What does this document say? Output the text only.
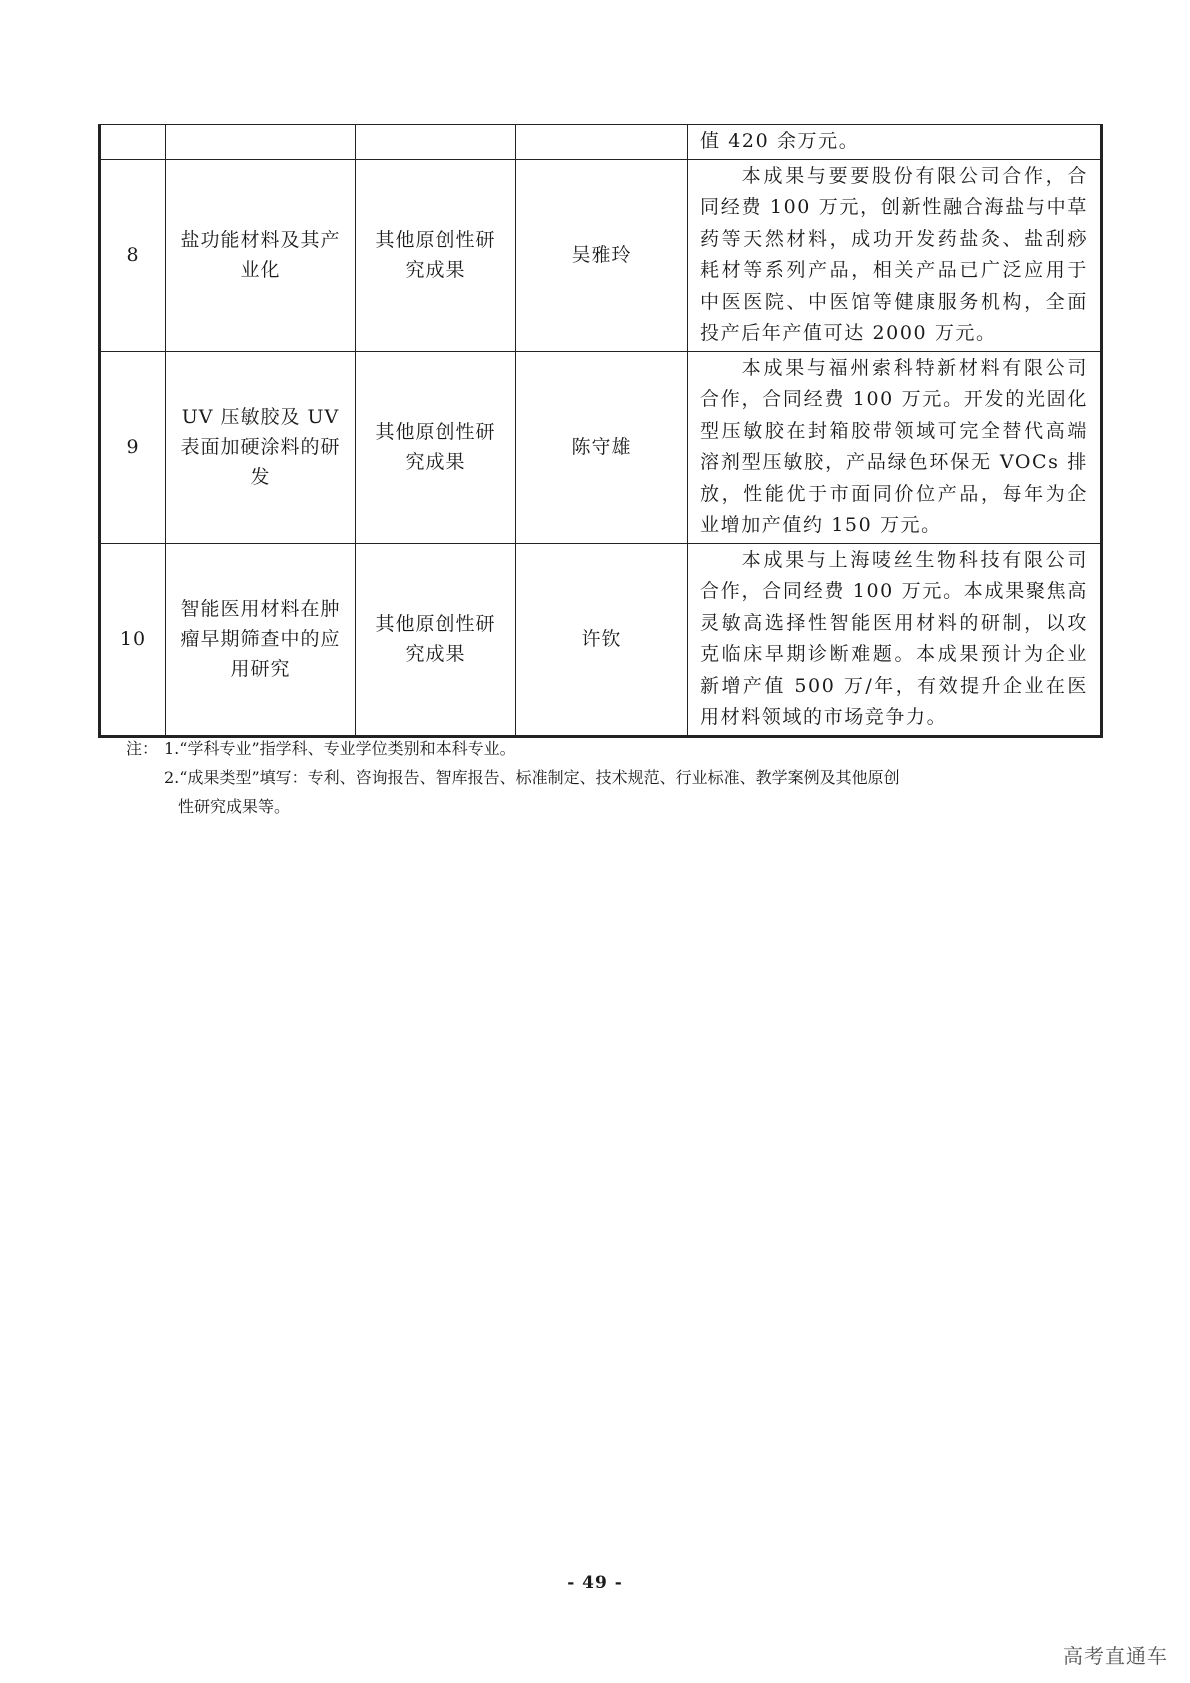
				值 420 余万元。

8	盐功能材料及其产业化	其他原创性研究成果	吴雅玲	本成果与要要股份有限公司合作，合同经费 100 万元，创新性融合海盐与中草药等天然材料，成功开发药盐灸、盐刮痧耗材等系列产品，相关产品已广泛应用于中医医院、中医馆等健康服务机构，全面投产后年产值可达 2000 万元。

9	UV 压敏胶及 UV 表面加硬涂料的研发	其他原创性研究成果	陈守雄	本成果与福州索科特新材料有限公司合作，合同经费 100 万元。开发的光固化型压敏胶在封箱胶带领域可完全替代高端溶剂型压敏胶，产品绿色环保无 VOCs 排放，性能优于市面同价位产品，每年为企业增加产值约 150 万元。

10	智能医用材料在肿瘤早期筛查中的应用研究	其他原创性研究成果	许钦	本成果与上海唛丝生物科技有限公司合作，合同经费 100 万元。本成果聚焦高灵敏高选择性智能医用材料的研制，以攻克临床早期诊断难题。本成果预计为企业新增产值 500 万/年，有效提升企业在医用材料领域的市场竞争力。
注： 1.“学科专业”指学科、专业学位类别和本科专业。
2.“成果类型”填写：专利、咨询报告、智库报告、标准制定、技术规范、行业标准、教学案例及其他原创
性研究成果等。
- 49 -
高考直通车
